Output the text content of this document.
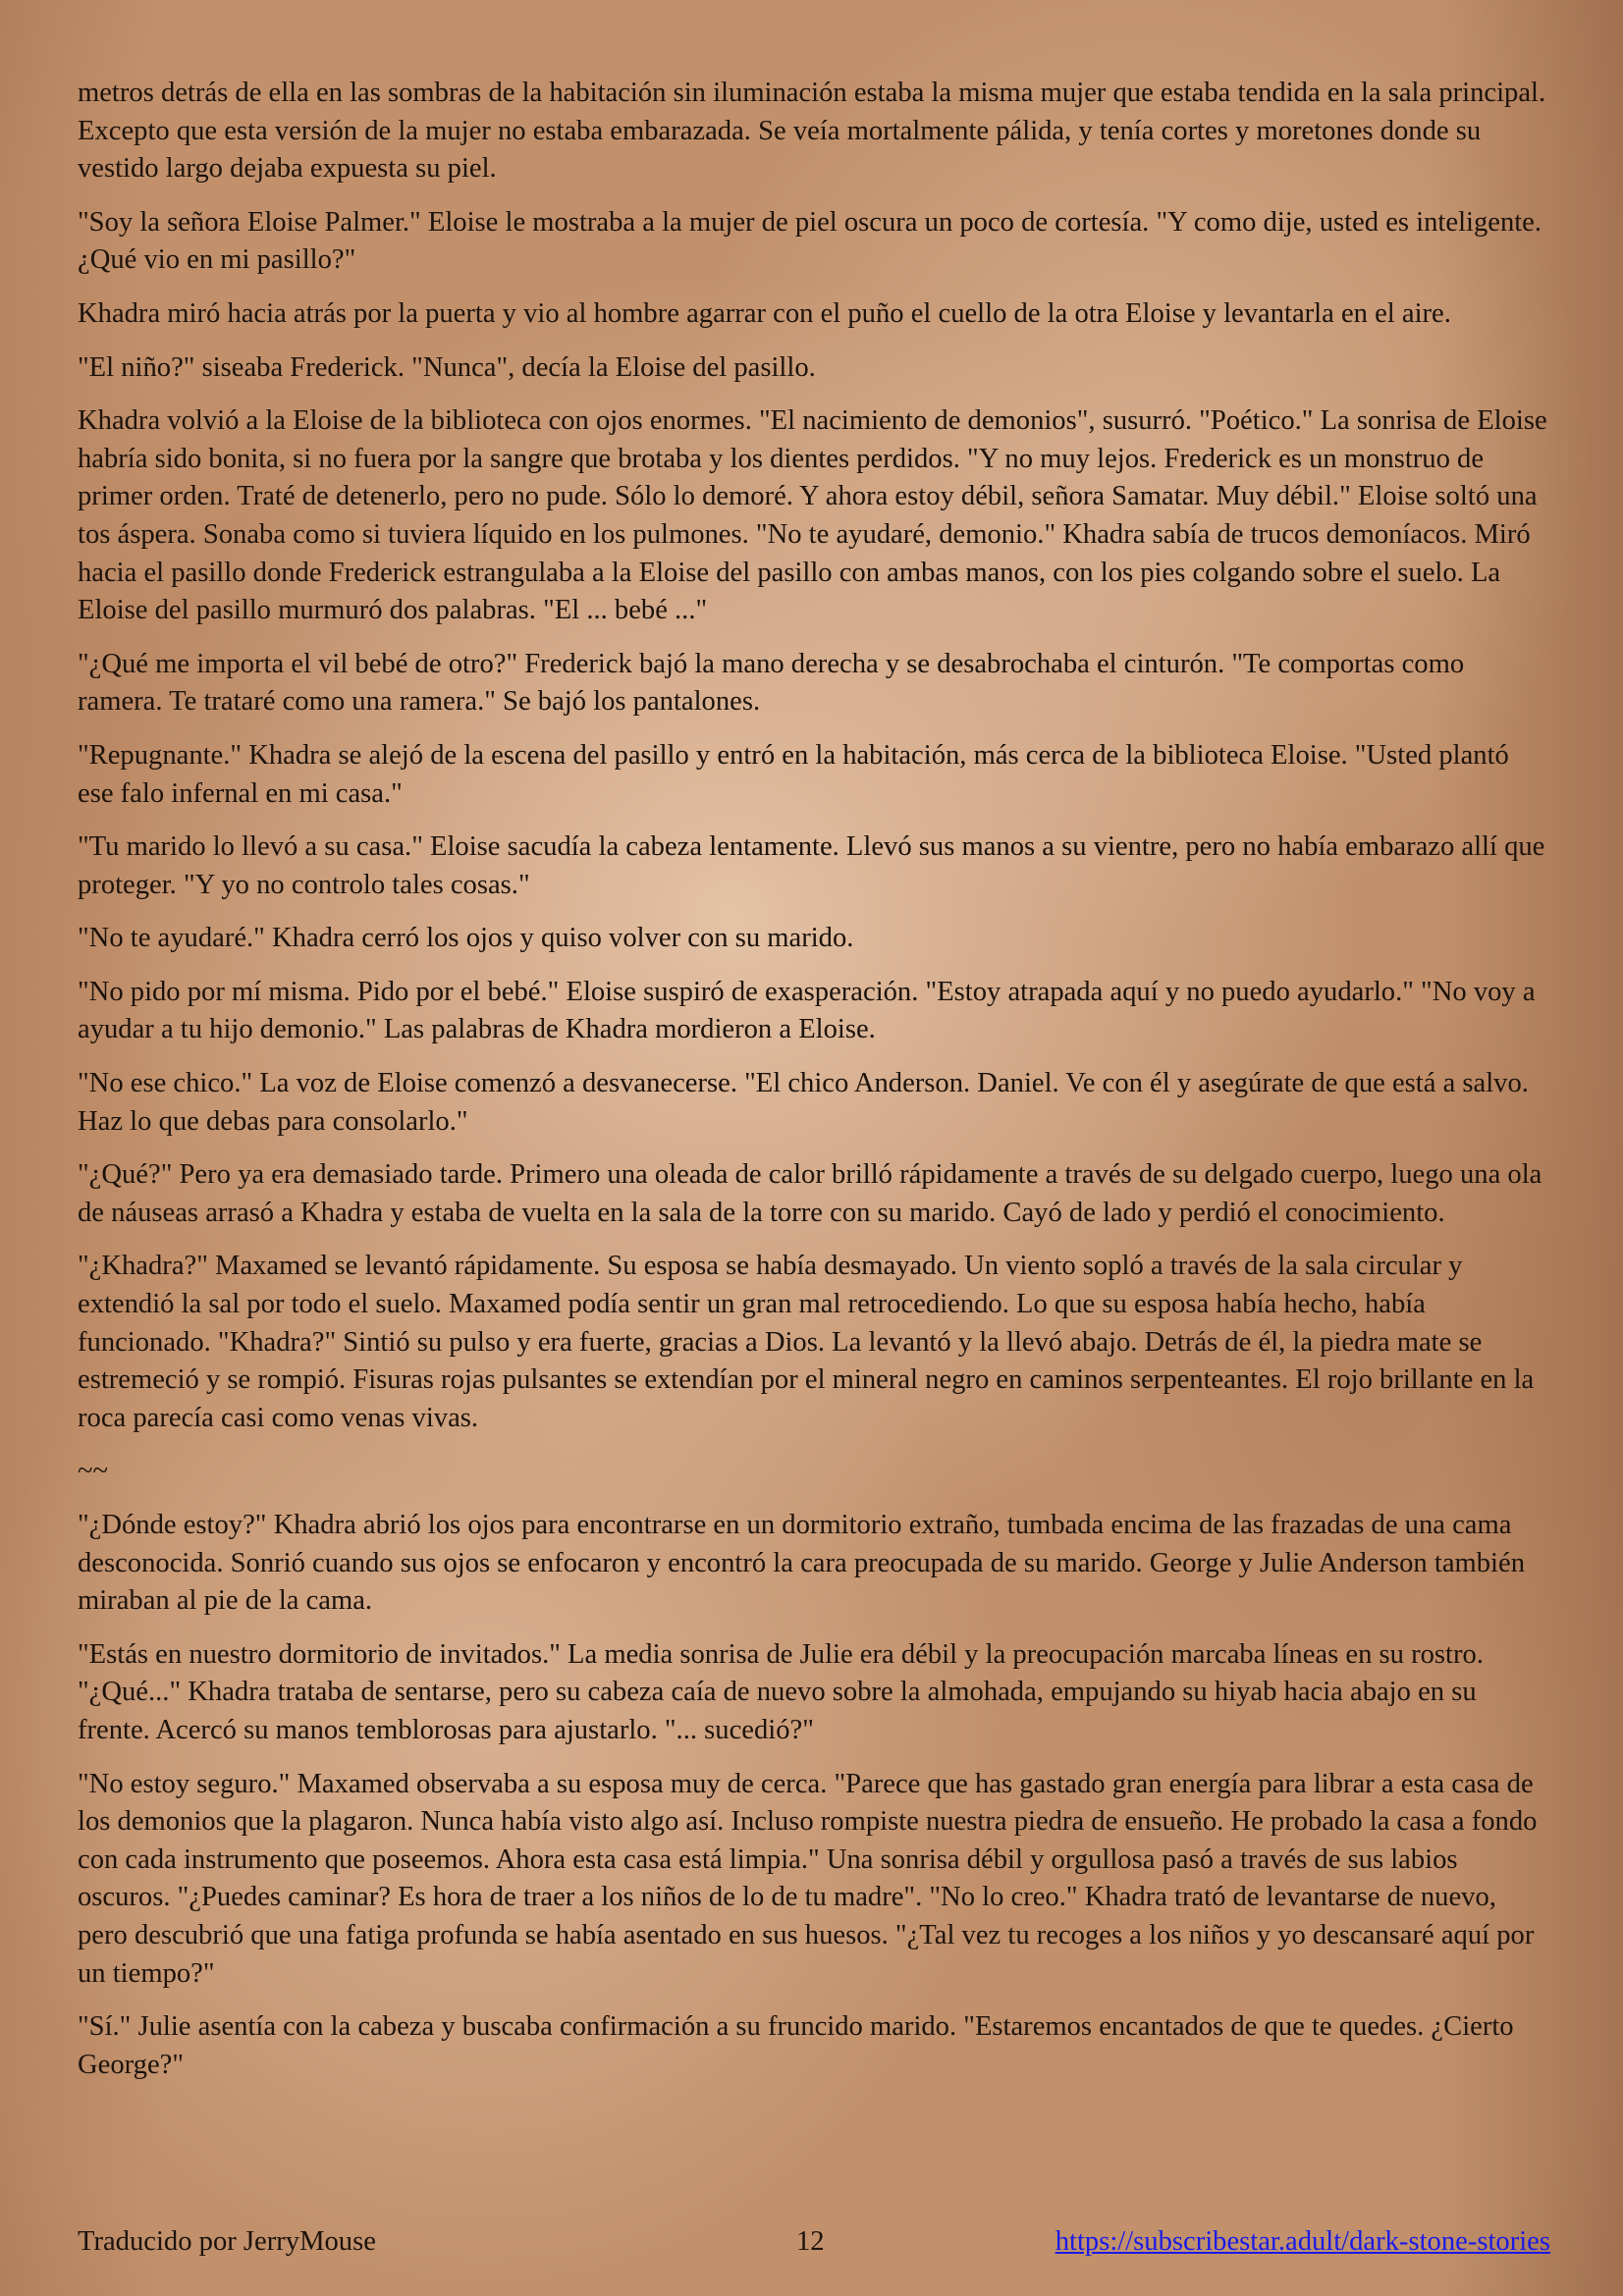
metros detrás de ella en las sombras de la habitación sin iluminación estaba la misma mujer que estaba tendida en la sala principal. Excepto que esta versión de la mujer no estaba embarazada. Se veía mortalmente pálida, y tenía cortes y moretones donde su vestido largo dejaba expuesta su piel.

"Soy la señora Eloise Palmer." Eloise le mostraba a la mujer de piel oscura un poco de cortesía. "Y como dije, usted es inteligente. ¿Qué vio en mi pasillo?"

Khadra miró hacia atrás por la puerta y vio al hombre agarrar con el puño el cuello de la otra Eloise y levantarla en el aire.

"El niño?" siseaba Frederick. "Nunca", decía la Eloise del pasillo.

Khadra volvió a la Eloise de la biblioteca con ojos enormes. "El nacimiento de demonios", susurró. "Poético." La sonrisa de Eloise habría sido bonita, si no fuera por la sangre que brotaba y los dientes perdidos. "Y no muy lejos. Frederick es un monstruo de primer orden. Traté de detenerlo, pero no pude. Sólo lo demoré. Y ahora estoy débil, señora Samatar. Muy débil." Eloise soltó una tos áspera. Sonaba como si tuviera líquido en los pulmones. "No te ayudaré, demonio." Khadra sabía de trucos demoníacos. Miró hacia el pasillo donde Frederick estrangulaba a la Eloise del pasillo con ambas manos, con los pies colgando sobre el suelo. La Eloise del pasillo murmuró dos palabras. "El ... bebé ..."

"¿Qué me importa el vil bebé de otro?" Frederick bajó la mano derecha y se desabrochaba el cinturón. "Te comportas como ramera. Te trataré como una ramera." Se bajó los pantalones.

"Repugnante." Khadra se alejó de la escena del pasillo y entró en la habitación, más cerca de la biblioteca Eloise. "Usted plantó ese falo infernal en mi casa."

"Tu marido lo llevó a su casa." Eloise sacudía la cabeza lentamente. Llevó sus manos a su vientre, pero no había embarazo allí que proteger. "Y yo no controlo tales cosas."

"No te ayudaré." Khadra cerró los ojos y quiso volver con su marido.

"No pido por mí misma. Pido por el bebé." Eloise suspiró de exasperación. "Estoy atrapada aquí y no puedo ayudarlo." "No voy a ayudar a tu hijo demonio." Las palabras de Khadra mordieron a Eloise.

"No ese chico." La voz de Eloise comenzó a desvanecerse. "El chico Anderson. Daniel. Ve con él y asegúrate de que está a salvo. Haz lo que debas para consolarlo."

"¿Qué?" Pero ya era demasiado tarde. Primero una oleada de calor brilló rápidamente a través de su delgado cuerpo, luego una ola de náuseas arrasó a Khadra y estaba de vuelta en la sala de la torre con su marido. Cayó de lado y perdió el conocimiento.

"¿Khadra?" Maxamed se levantó rápidamente. Su esposa se había desmayado. Un viento sopló a través de la sala circular y extendió la sal por todo el suelo. Maxamed podía sentir un gran mal retrocediendo. Lo que su esposa había hecho, había funcionado. "Khadra?" Sintió su pulso y era fuerte, gracias a Dios. La levantó y la llevó abajo. Detrás de él, la piedra mate se estremeció y se rompió. Fisuras rojas pulsantes se extendían por el mineral negro en caminos serpenteantes. El rojo brillante en la roca parecía casi como venas vivas.

~~

"¿Dónde estoy?" Khadra abrió los ojos para encontrarse en un dormitorio extraño, tumbada encima de las frazadas de una cama desconocida. Sonrió cuando sus ojos se enfocaron y encontró la cara preocupada de su marido. George y Julie Anderson también miraban al pie de la cama.

"Estás en nuestro dormitorio de invitados." La media sonrisa de Julie era débil y la preocupación marcaba líneas en su rostro. "¿Qué..." Khadra trataba de sentarse, pero su cabeza caía de nuevo sobre la almohada, empujando su hiyab hacia abajo en su frente. Acercó su manos temblorosas para ajustarlo. "... sucedió?"

"No estoy seguro." Maxamed observaba a su esposa muy de cerca. "Parece que has gastado gran energía para librar a esta casa de los demonios que la plagaron. Nunca había visto algo así. Incluso rompiste nuestra piedra de ensueño. He probado la casa a fondo con cada instrumento que poseemos. Ahora esta casa está limpia." Una sonrisa débil y orgullosa pasó a través de sus labios oscuros. "¿Puedes caminar? Es hora de traer a los niños de lo de tu madre". "No lo creo." Khadra trató de levantarse de nuevo, pero descubrió que una fatiga profunda se había asentado en sus huesos. "¿Tal vez tu recoges a los niños y yo descansaré aquí por un tiempo?"

"Sí." Julie asentía con la cabeza y buscaba confirmación a su fruncido marido. "Estaremos encantados de que te quedes. ¿Cierto George?"

Traducido por JerryMouse	12	https://subscribestar.adult/dark-stone-stories
